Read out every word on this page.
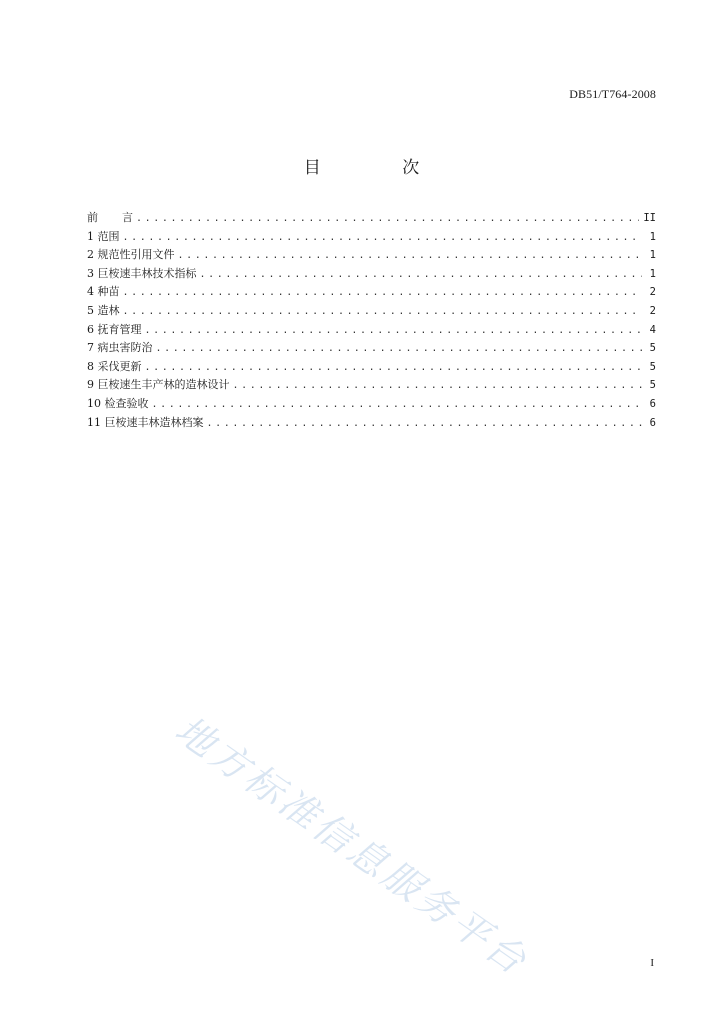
DB51/T764-2008
目	次
前 言 .....	II
1 范围 .....	1
2 规范性引用文件 .....	1
3 巨桉速丰林技术指标 .....	1
4 种苗 .....	2
5 造林 .....	2
6 抚育管理 .....	4
7 病虫害防治 .....	5
8 采伐更新 .....	5
9 巨桉速生丰产林的造林设计 .....	5
10 检查验收 .....	6
11 巨桉速丰林造林档案 .....	6
地方标准信息服务平台	I
